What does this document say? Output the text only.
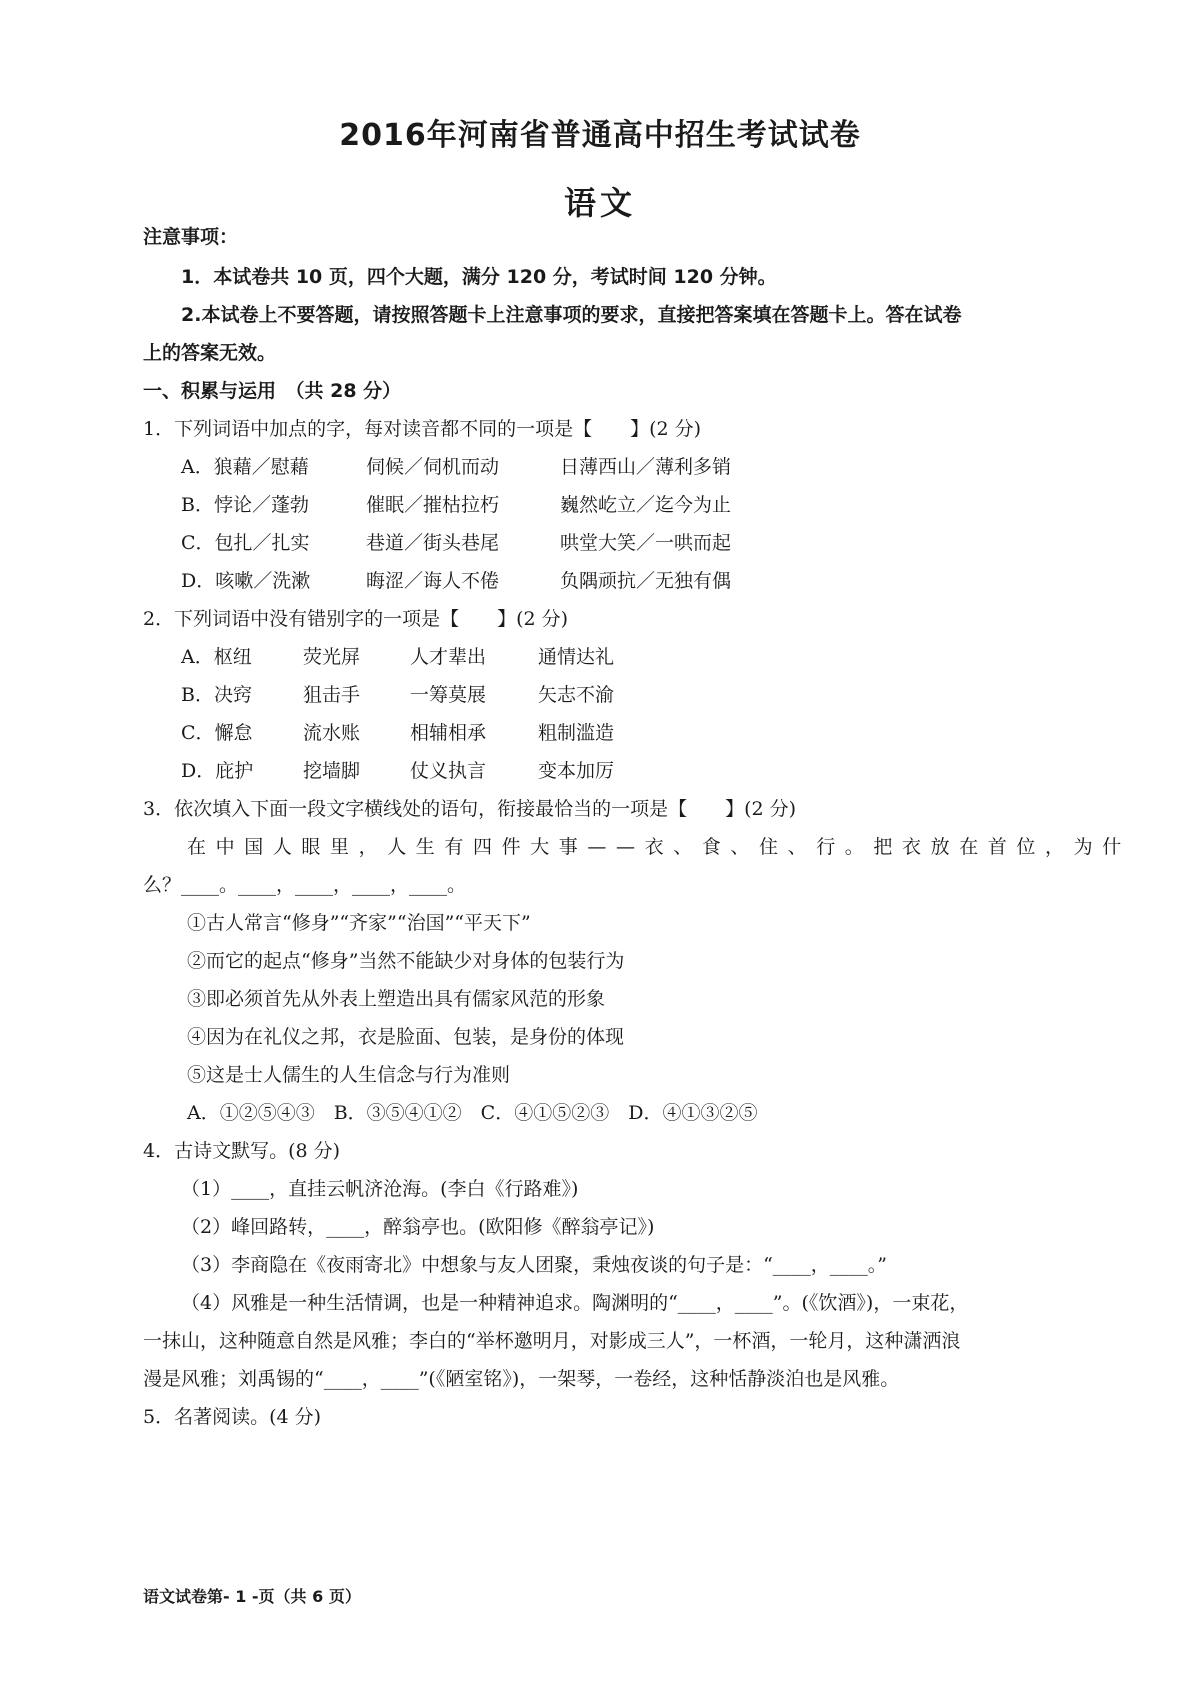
2016年河南省普通高中招生考试试卷
语文
注意事项：
1．本试卷共 10 页，四个大题，满分 120 分，考试时间 120 分钟。
2.本试卷上不要答题，请按照答题卡上注意事项的要求，直接把答案填在答题卡上。答在试卷
上的答案无效。
一、积累与运用　（共 28 分）
1．下列词语中加点的字，每对读音都不同的一项是【　　】(2 分)
A．狼藉／慰藉	伺候／伺机而动	日薄西山／薄利多销
B．悖论／蓬勃	催眠／摧枯拉朽	巍然屹立／迄今为止
C．包扎／扎实	巷道／街头巷尾	哄堂大笑／一哄而起
D．咳嗽／洗漱	晦涩／诲人不倦	负隅顽抗／无独有偶
2．下列词语中没有错别字的一项是【　　】(2 分)
A．枢纽	荧光屏	人才辈出	通情达礼
B．决窍	狙击手	一筹莫展	矢志不渝
C．懈怠	流水账	相辅相承	粗制滥造
D．庇护	挖墙脚	仗义执言	变本加厉
3．依次填入下面一段文字横线处的语句，衔接最恰当的一项是【　　】(2 分)
在中国人眼里，人生有四件大事——衣、食、住、行。把衣放在首位，为什
么？____。____，____，____，____。
①古人常言“修身”“齐家”“治国”“平天下”
②而它的起点“修身”当然不能缺少对身体的包装行为
③即必须首先从外表上塑造出具有儒家风范的形象
④因为在礼仪之邦，衣是脸面、包装，是身份的体现
⑤这是士人儒生的人生信念与行为准则
A．①②⑤④③　B．③⑤④①②　C．④①⑤②③　D．④①③②⑤
4．古诗文默写。(8 分)
（1）____，直挂云帆济沧海。(李白《行路难》)
（2）峰回路转，____，醉翁亭也。(欧阳修《醉翁亭记》)
（3）李商隐在《夜雨寄北》中想象与友人团聚，秉烛夜谈的句子是：“____，____。”
（4）风雅是一种生活情调，也是一种精神追求。陶渊明的“____，____”。(《饮酒》)，一束花，
一抹山，这种随意自然是风雅；李白的“举杯邀明月，对影成三人”，一杯酒，一轮月，这种潇洒浪
漫是风雅；刘禹锡的“____，____”(《陋室铭》)，一架琴，一卷经，这种恬静淡泊也是风雅。
5．名著阅读。(4 分)
语文试卷第- 1 -页（共 6 页）
